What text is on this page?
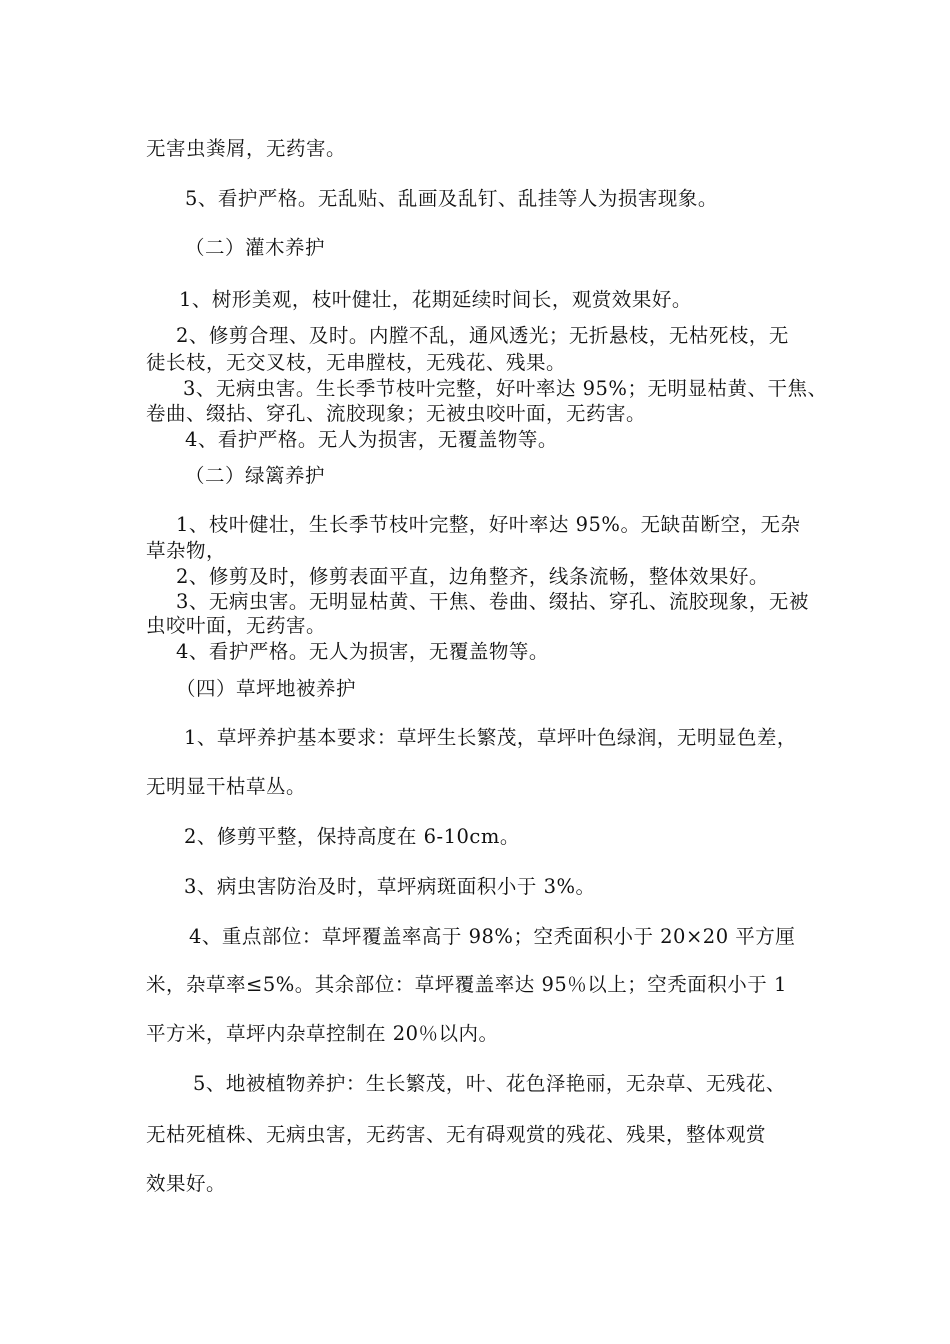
无害虫粪屑，无药害。
5、看护严格。无乱贴、乱画及乱钉、乱挂等人为损害现象。
（二）灌木养护
1、树形美观，枝叶健壮，花期延续时间长，观赏效果好。
2、修剪合理、及时。内膛不乱，通风透光；无折悬枝，无枯死枝，无
徒长枝，无交叉枝，无串膛枝，无残花、残果。
3、无病虫害。生长季节枝叶完整，好叶率达 95%；无明显枯黄、干焦、
卷曲、缀拈、穿孔、流胶现象；无被虫咬叶面，无药害。
4、看护严格。无人为损害，无覆盖物等。
（二）绿篱养护
1、枝叶健壮，生长季节枝叶完整，好叶率达 95%。无缺苗断空，无杂
草杂物，
2、修剪及时，修剪表面平直，边角整齐，线条流畅，整体效果好。
3、无病虫害。无明显枯黄、干焦、卷曲、缀拈、穿孔、流胶现象，无被
虫咬叶面，无药害。
4、看护严格。无人为损害，无覆盖物等。
（四）草坪地被养护
1、草坪养护基本要求：草坪生长繁茂，草坪叶色绿润，无明显色差，
无明显干枯草丛。
2、修剪平整，保持高度在 6-10cm。
3、病虫害防治及时，草坪病斑面积小于 3%。
4、重点部位：草坪覆盖率高于 98%；空秃面积小于 20×20 平方厘
米，杂草率≤5%。其余部位：草坪覆盖率达 95％以上；空秃面积小于 1
平方米，草坪内杂草控制在 20％以内。
5、地被植物养护：生长繁茂，叶、花色泽艳丽，无杂草、无残花、
无枯死植株、无病虫害，无药害、无有碍观赏的残花、残果，整体观赏
效果好。
